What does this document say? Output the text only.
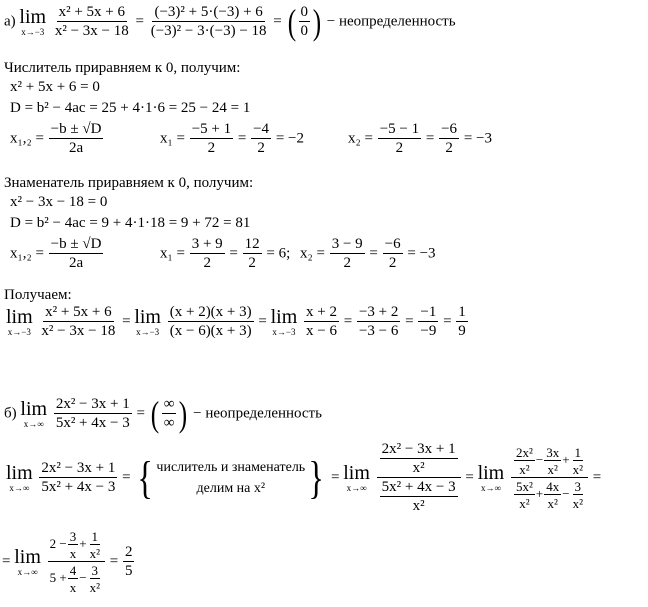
а) lim
x→−3
$\frac{\text{x² + 5x + 6}}{\text{x² − 3x − 18}} = \frac{\text{(−3)² + 5·(−3) + 6}}{\text{(−3)² − 3·(−3) − 18}}$ = ( $\frac{0}{0}$ ) − неопределенность
Числитель приравняем к 0, получим:
x² + 5x + 6 = 0
D = b² − 4ac = 25 + 4·1·6 = 25 − 24 = 1
$x_1,_2 = \frac{-b \pm √D}{2a}$	$x_1 = \frac{-5 + 1}{2} = \frac{-4}{2} = -2$	$x_2 = \frac{-5 - 1}{2} = \frac{-6}{2} = -3$
Знаменатель приравняем к 0, получим:
x² − 3x − 18 = 0
D = b² − 4ac = 9 + 4·1·18 = 9 + 72 = 81
$x_1,_2 = \frac{-b \pm √D}{2a}$	$x_1 = \frac{3 + 9}{2} = \frac{12}{2} = 6$; $x_2 = \frac{3 - 9}{2} = \frac{-6}{2} = -3$
Получаем:
lim
x→−3
$\frac{\text{x² + 5x + 6}}{\text{x² − 3x − 18}} = \lim$
x→−3
$\frac{(x + 2)(x + 3)}{(x - 6)(x + 3)} = \lim$
x→−3
$\frac{x + 2}{x - 6} = \frac{-3 + 2}{-3 - 6} = \frac{-1}{-9} = \frac{1}{9}$
б) lim
x→∞
$\frac{\text{2x² − 3x + 1}}{\text{5x² + 4x − 3}}$ = ( $\frac{\infty}{\infty}$ ) − неопределенность
lim
x→∞
$\frac{\text{2x² − 3x + 1}}{\text{5x² + 4x − 3}}$ = { числитель и знаменатель
делим на x² } = lim
x→∞
$\frac{\frac{\text{2x² − 3x + 1}}{\text{x²}}}{\frac{\text{5x² + 4x − 3}}{\text{x²}}} = \lim$
x→∞
$\frac{\frac{\text{2x²}}{\text{x²}} - \frac{3x}{\text{x²}} + \frac{1}{\text{x²}}}{\frac{\text{5x²}}{\text{x²}} + \frac{4x}{\text{x²}} - \frac{3}{\text{x²}}}$ =
= lim
x→∞
$\frac{2 - \frac{3}{x} + \frac{1}{\text{x²}}}{5 + \frac{4}{x} - \frac{3}{\text{x²}}} = \frac{2}{5}$
